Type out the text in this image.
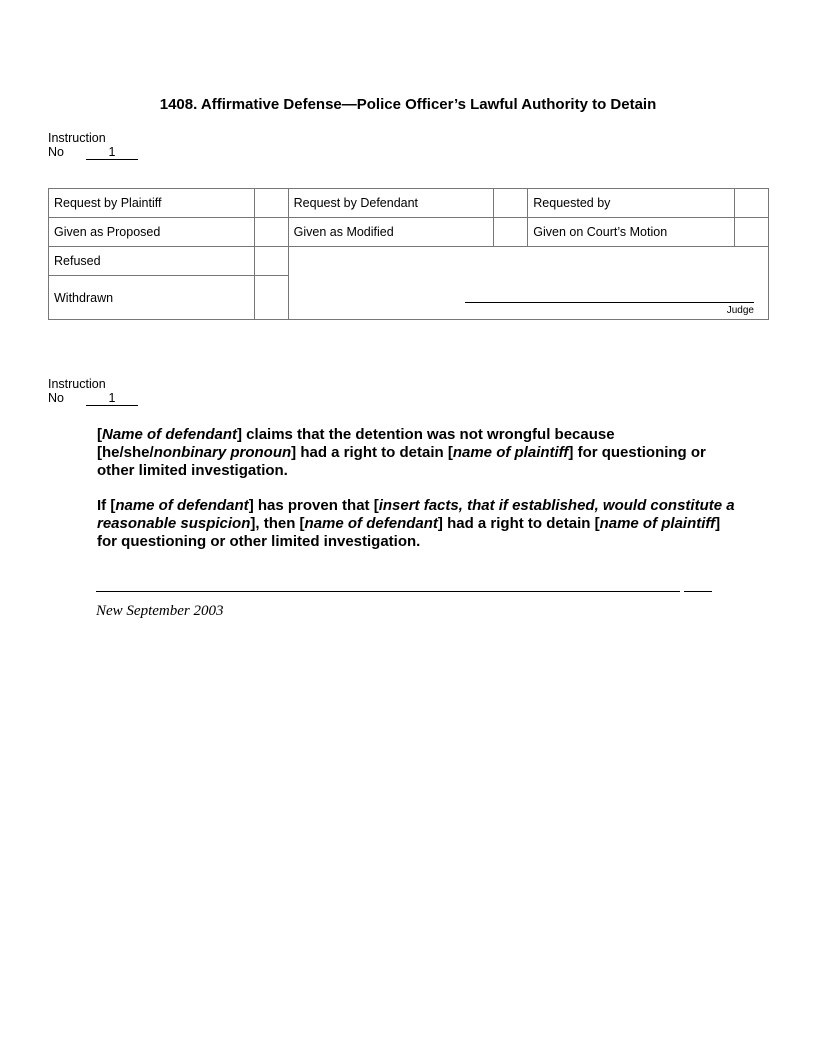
1408. Affirmative Defense—Police Officer’s Lawful Authority to Detain
Instruction
No	1
Request by Plaintiff		Request by Defendant		Requested by	
Given as Proposed		Given as Modified		Given on Court’s Motion	
Refused		Judge			

Withdrawn					
Instruction
No	1

[Name of defendant] claims that the detention was not wrongful because [he/she/nonbinary pronoun] had a right to detain [name of plaintiff] for questioning or other limited investigation.

If [name of defendant] has proven that [insert facts, that if established, would constitute a reasonable suspicion], then [name of defendant] had a right to detain [name of plaintiff] for questioning or other limited investigation.

New September 2003
